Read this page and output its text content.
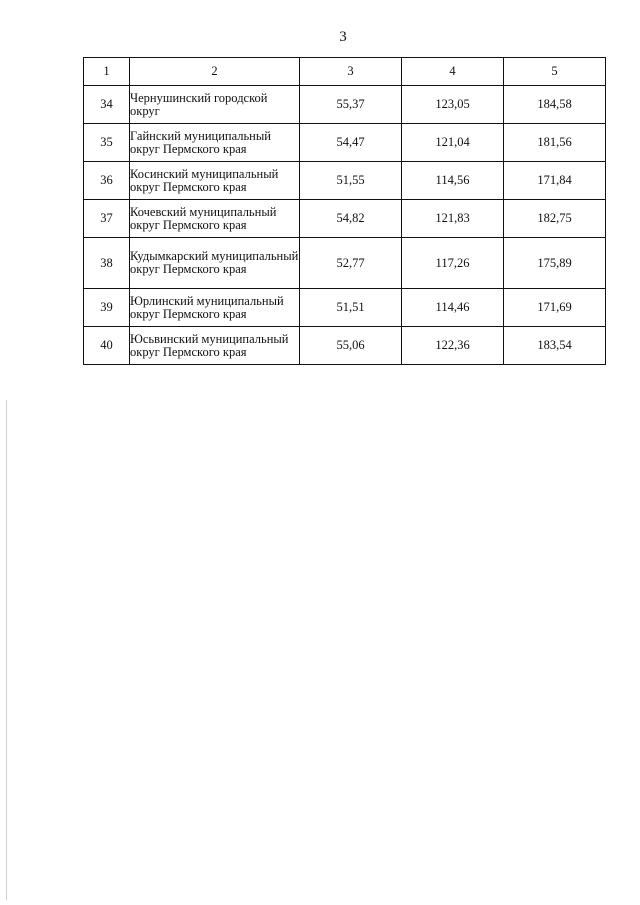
3
1	2	3	4	5
34	Чернушинский городской округ	55,37	123,05	184,58
35	Гайнский муниципальный округ Пермского края	54,47	121,04	181,56
36	Косинский муниципальный округ Пермского края	51,55	114,56	171,84
37	Кочевский муниципальный округ Пермского края	54,82	121,83	182,75
38	Кудымкарский муниципальный округ Пермского края	52,77	117,26	175,89
39	Юрлинский муниципальный округ Пермского края	51,51	114,46	171,69
40	Юсьвинский муниципальный округ Пермского края	55,06	122,36	183,54
